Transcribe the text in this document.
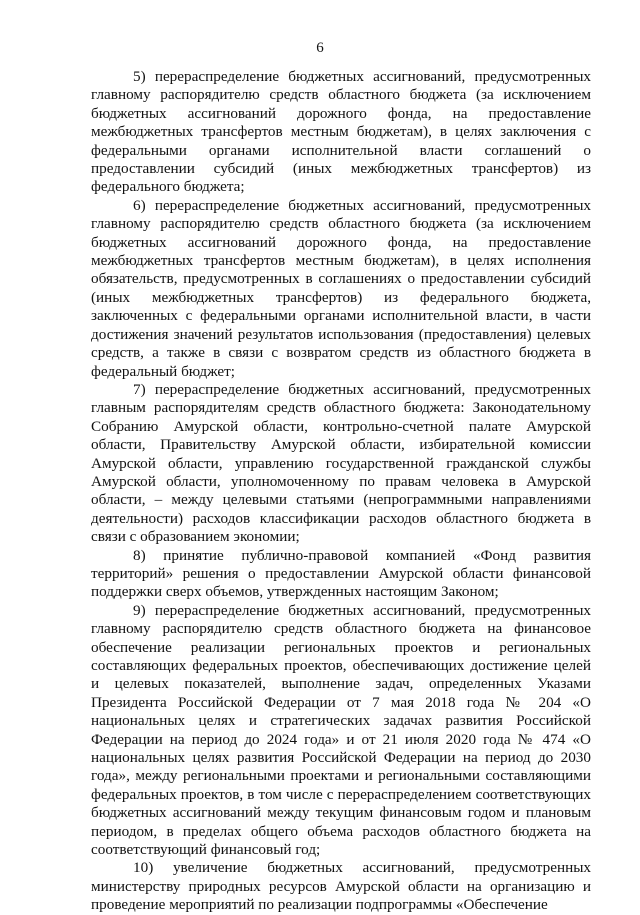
6

5) перераспределение бюджетных ассигнований, предусмотренных главному распорядителю средств областного бюджета (за исключением бюджетных ассигнований дорожного фонда, на предоставление межбюджетных трансфертов местным бюджетам), в целях заключения с федеральными органами исполнительной власти соглашений о предоставлении субсидий (иных межбюджетных трансфертов) из федерального бюджета;

6) перераспределение бюджетных ассигнований, предусмотренных главному распорядителю средств областного бюджета (за исключением бюджетных ассигнований дорожного фонда, на предоставление межбюджетных трансфертов местным бюджетам), в целях исполнения обязательств, предусмотренных в соглашениях о предоставлении субсидий (иных межбюджетных трансфертов) из федерального бюджета, заключенных с федеральными органами исполнительной власти, в части достижения значений результатов использования (предоставления) целевых средств, а также в связи с возвратом средств из областного бюджета в федеральный бюджет;

7) перераспределение бюджетных ассигнований, предусмотренных главным распорядителям средств областного бюджета: Законодательному Собранию Амурской области, контрольно-счетной палате Амурской области, Правительству Амурской области, избирательной комиссии Амурской области, управлению государственной гражданской службы Амурской области, уполномоченному по правам человека в Амурской области, – между целевыми статьями (непрограммными направлениями деятельности) расходов классификации расходов областного бюджета в связи с образованием экономии;

8) принятие публично-правовой компанией «Фонд развития территорий» решения о предоставлении Амурской области финансовой поддержки сверх объемов, утвержденных настоящим Законом;

9) перераспределение бюджетных ассигнований, предусмотренных главному распорядителю средств областного бюджета на финансовое обеспечение реализации региональных проектов и региональных составляющих федеральных проектов, обеспечивающих достижение целей и целевых показателей, выполнение задач, определенных Указами Президента Российской Федерации от 7 мая 2018 года № 204 «О национальных целях и стратегических задачах развития Российской Федерации на период до 2024 года» и от 21 июля 2020 года № 474 «О национальных целях развития Российской Федерации на период до 2030 года», между региональными проектами и региональными составляющими федеральных проектов, в том числе с перераспределением соответствующих бюджетных ассигнований между текущим финансовым годом и плановым периодом, в пределах общего объема расходов областного бюджета на соответствующий финансовый год;

10) увеличение бюджетных ассигнований, предусмотренных министерству природных ресурсов Амурской области на организацию и проведение мероприятий по реализации подпрограммы «Обеспечение
